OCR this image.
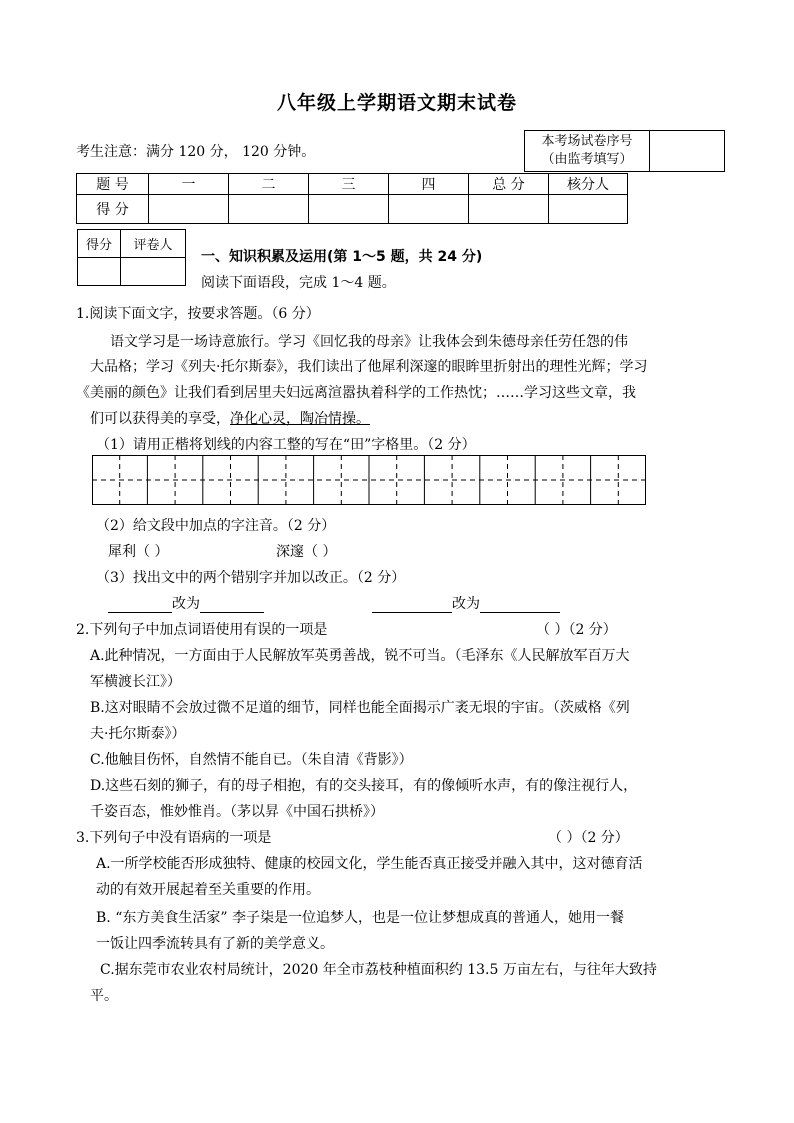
八年级上学期语文期末试卷
考生注意：满分 120 分， 120 分钟。
本考场试卷序号
（由监考填写）

题 号	一	二	三	四	总 分	核分人
得 分						
得分	评卷人

一、知识积累及运用(第 1～5 题，共 24 分)
阅读下面语段，完成 1～4 题。
1.阅读下面文字，按要求答题。（6 分）
语文学习是一场诗意旅行。学习《回忆我的母亲》让我体会到朱德母亲任劳任怨的伟
大品格；学习《列夫·托尔斯泰》，我们读出了他犀利深邃的眼眸里折射出的理性光辉；学习
《美丽的颜色》让我们看到居里夫妇远离渲嚣执着科学的工作热忱；……学习这些文章，我
们可以获得美的享受，净化心灵，陶冶情操。
（1）请用正楷将划线的内容工整的写在“田”字格里。（2 分）
（2）给文段中加点的字注音。（2 分）
犀利（ ）	深邃（ ）
（3）找出文中的两个错别字并加以改正。（2 分）
改为	改为
2.下列句子中加点词语使用有误的一项是	（ ）（2 分）
A.此种情况，一方面由于人民解放军英勇善战，锐不可当。（毛泽东《人民解放军百万大
军横渡长江》）
B.这对眼睛不会放过微不足道的细节，同样也能全面揭示广袤无垠的宇宙。（茨威格《列
夫·托尔斯泰》）
C.他触目伤怀，自然情不能自已。（朱自清《背影》）
D.这些石刻的狮子，有的母子相抱，有的交头接耳，有的像倾听水声，有的像注视行人，
千姿百态，惟妙惟肖。（茅以昇《中国石拱桥》）
3.下列句子中没有语病的一项是	（ ）（2 分）
A.一所学校能否形成独特、健康的校园文化，学生能否真正接受并融入其中，这对德育活
动的有效开展起着至关重要的作用。
B. “东方美食生活家” 李子柒是一位追梦人，也是一位让梦想成真的普通人，她用一餐
一饭让四季流转具有了新的美学意义。
C.据东莞市农业农村局统计，2020 年全市荔枝种植面积约 13.5 万亩左右，与往年大致持
平。
